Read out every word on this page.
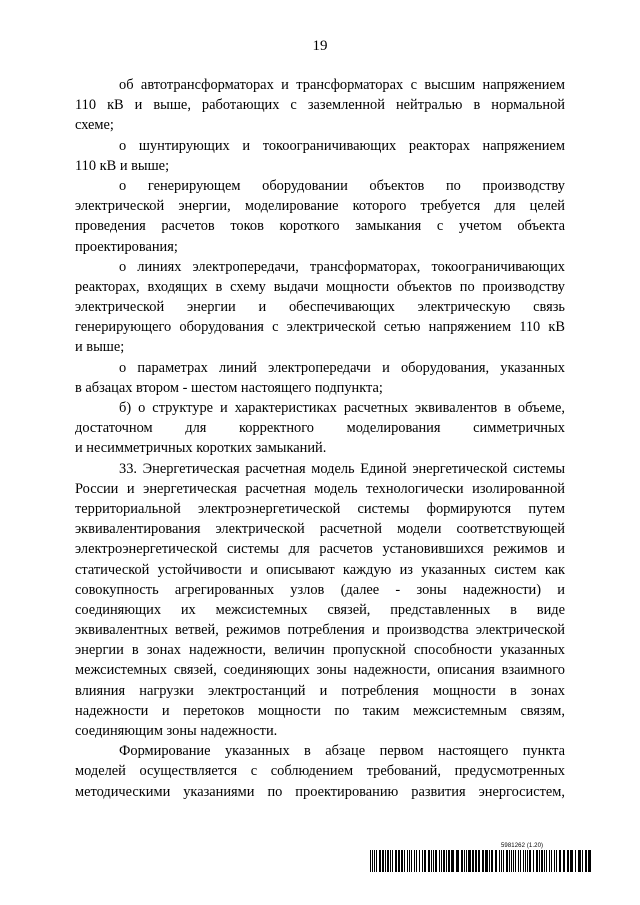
19
об автотрансформаторах и трансформаторах с высшим напряжением
110 кВ и выше, работающих с заземленной нейтралью в нормальной
схеме;
о шунтирующих и токоограничивающих реакторах напряжением
110 кВ и выше;
о генерирующем оборудовании объектов по производству
электрической энергии, моделирование которого требуется для целей
проведения расчетов токов короткого замыкания с учетом объекта
проектирования;
о линиях электропередачи, трансформаторах, токоограничивающих
реакторах, входящих в схему выдачи мощности объектов по производству
электрической энергии и обеспечивающих электрическую связь
генерирующего оборудования с электрической сетью напряжением 110 кВ
и выше;
о параметрах линий электропередачи и оборудования, указанных
в абзацах втором - шестом настоящего подпункта;
б) о структуре и характеристиках расчетных эквивалентов в объеме,
достаточном для корректного моделирования симметричных
и несимметричных коротких замыканий.
33. Энергетическая расчетная модель Единой энергетической системы
России и энергетическая расчетная модель технологически изолированной
территориальной электроэнергетической системы формируются путем
эквивалентирования электрической расчетной модели соответствующей
электроэнергетической системы для расчетов установившихся режимов и
статической устойчивости и описывают каждую из указанных систем как
совокупность агрегированных узлов (далее - зоны надежности) и
соединяющих их межсистемных связей, представленных в виде
эквивалентных ветвей, режимов потребления и производства электрической
энергии в зонах надежности, величин пропускной способности указанных
межсистемных связей, соединяющих зоны надежности, описания взаимного
влияния нагрузки электростанций и потребления мощности в зонах
надежности и перетоков мощности по таким межсистемным связям,
соединяющим зоны надежности.
Формирование указанных в абзаце первом настоящего пункта
моделей осуществляется с соблюдением требований, предусмотренных
методическими указаниями по проектированию развития энергосистем,
5981262 (1.20)
